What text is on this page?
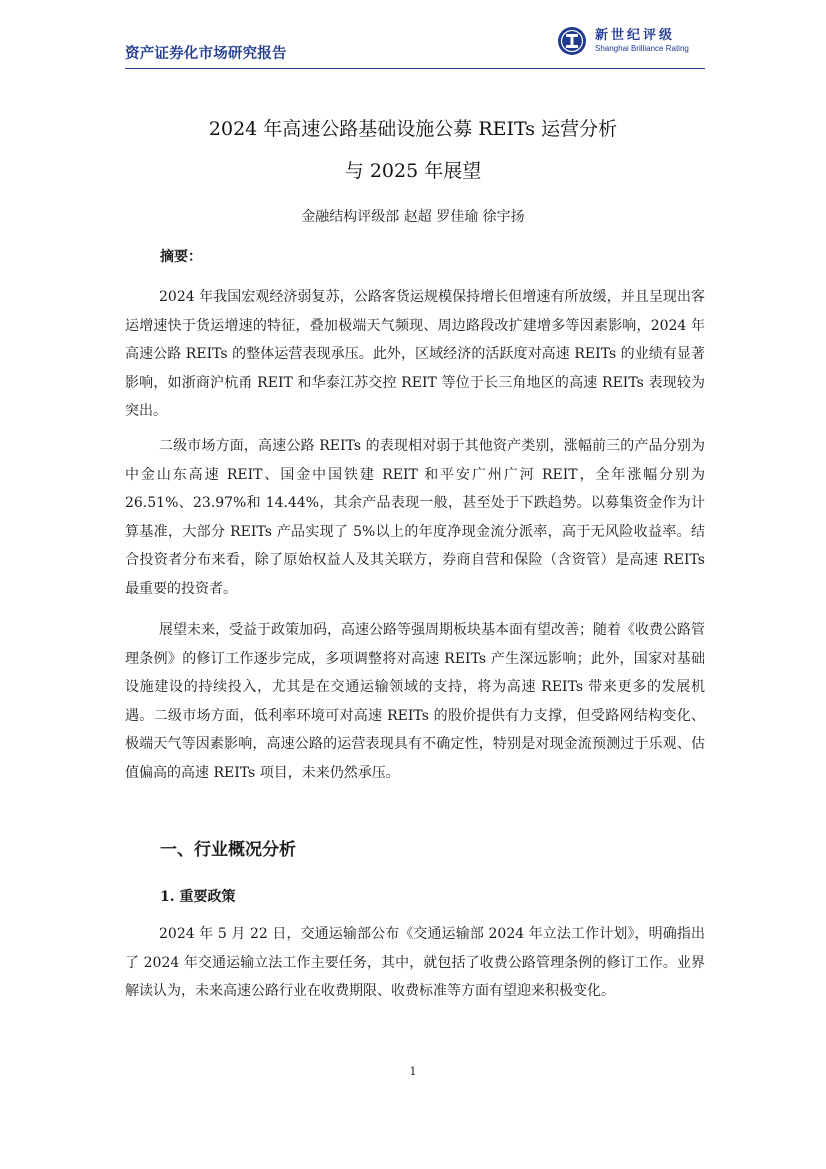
资产证券化市场研究报告
新世纪评级
Shanghai Brilliance Rating
2024 年高速公路基础设施公募 REITs 运营分析
与 2025 年展望
金融结构评级部 赵超 罗佳瑜 徐宇扬
摘要：

2024 年我国宏观经济弱复苏，公路客货运规模保持增长但增速有所放缓，并且呈现出客运增速快于货运增速的特征，叠加极端天气频现、周边路段改扩建增多等因素影响，2024 年高速公路 REITs 的整体运营表现承压。此外，区域经济的活跃度对高速 REITs 的业绩有显著影响，如浙商沪杭甬 REIT 和华泰江苏交控 REIT 等位于长三角地区的高速 REITs 表现较为突出。

二级市场方面，高速公路 REITs 的表现相对弱于其他资产类别，涨幅前三的产品分别为中金山东高速 REIT、国金中国铁建 REIT 和平安广州广河 REIT，全年涨幅分别为 26.51%、23.97%和 14.44%，其余产品表现一般，甚至处于下跌趋势。以募集资金作为计算基准，大部分 REITs 产品实现了 5%以上的年度净现金流分派率，高于无风险收益率。结合投资者分布来看，除了原始权益人及其关联方，券商自营和保险（含资管）是高速 REITs 最重要的投资者。

展望未来，受益于政策加码，高速公路等强周期板块基本面有望改善；随着《收费公路管理条例》的修订工作逐步完成，多项调整将对高速 REITs 产生深远影响；此外，国家对基础设施建设的持续投入，尤其是在交通运输领域的支持，将为高速 REITs 带来更多的发展机遇。二级市场方面，低利率环境可对高速 REITs 的股价提供有力支撑，但受路网结构变化、极端天气等因素影响，高速公路的运营表现具有不确定性，特别是对现金流预测过于乐观、估值偏高的高速 REITs 项目，未来仍然承压。

一、行业概况分析
1. 重要政策

2024 年 5 月 22 日，交通运输部公布《交通运输部 2024 年立法工作计划》，明确指出了 2024 年交通运输立法工作主要任务，其中，就包括了收费公路管理条例的修订工作。业界解读认为，未来高速公路行业在收费期限、收费标准等方面有望迎来积极变化。

1
